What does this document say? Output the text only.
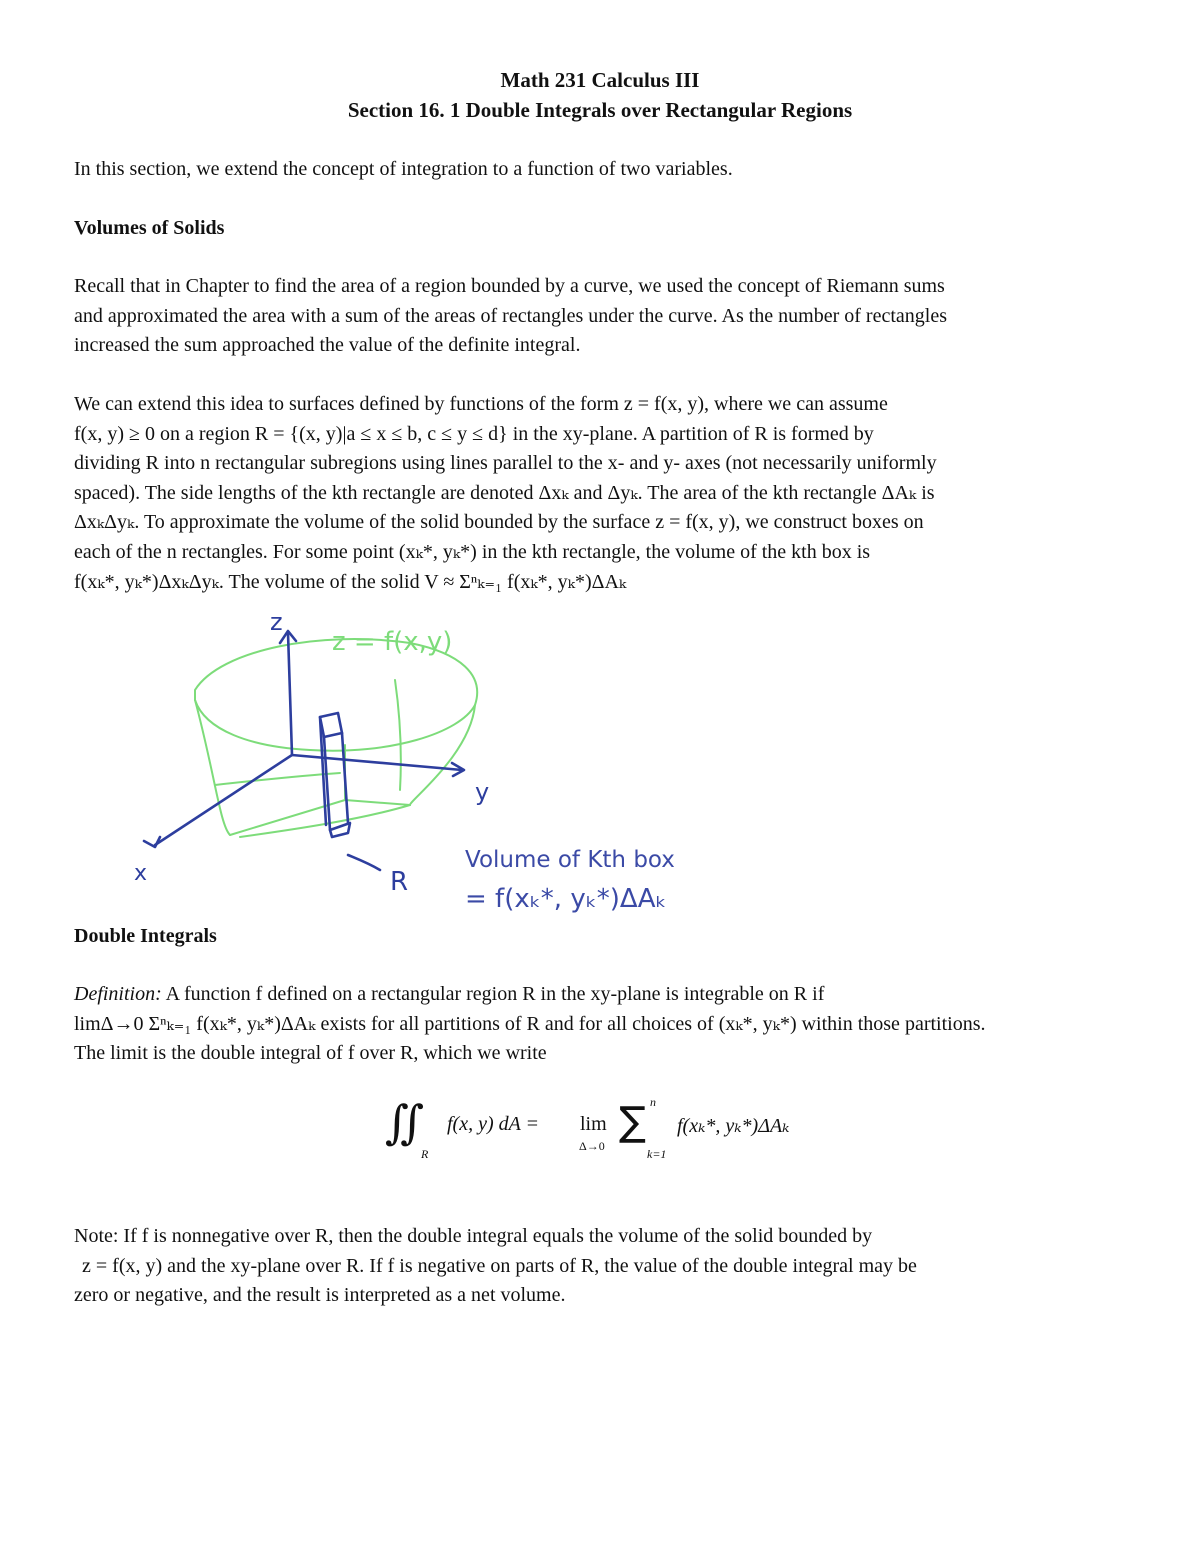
Math 231 Calculus III
Section 16. 1 Double Integrals over Rectangular Regions
In this section, we extend the concept of integration to a function of two variables.
Volumes of Solids
Recall that in Chapter to find the area of a region bounded by a curve, we used the concept of Riemann sums
and approximated the area with a sum of the areas of rectangles under the curve. As the number of rectangles
increased the sum approached the value of the definite integral.
We can extend this idea to surfaces defined by functions of the form z = f(x, y), where we can assume
f(x, y) ≥ 0 on a region R = {(x, y)|a ≤ x ≤ b, c ≤ y ≤ d} in the xy-plane. A partition of R is formed by
dividing R into n rectangular subregions using lines parallel to the x- and y- axes (not necessarily uniformly
spaced). The side lengths of the kth rectangle are denoted Δxₖ and Δyₖ. The area of the kth rectangle ΔAₖ is
ΔxₖΔyₖ. To approximate the volume of the solid bounded by the surface z = f(x, y), we construct boxes on
each of the n rectangles. For some point (xₖ*, yₖ*) in the kth rectangle, the volume of the kth box is
f(xₖ*, yₖ*)ΔxₖΔyₖ. The volume of the solid V ≈ Σⁿₖ₌₁ f(xₖ*, yₖ*)ΔAₖ
z
y
x
z = f(x,y)
R
Volume of Kth box
= f(xₖ*, yₖ*)ΔAₖ
Double Integrals
Definition: A function f defined on a rectangular region R in the xy-plane is integrable on R if
limΔ→0 Σⁿₖ₌₁ f(xₖ*, yₖ*)ΔAₖ exists for all partitions of R and for all choices of (xₖ*, yₖ*) within those partitions.
The limit is the double integral of f over R, which we write
∬
R
f(x, y) dA = lim
Δ→0
∑ n
k=1
f(xₖ*, yₖ*)ΔAₖ
Note: If f is nonnegative over R, then the double integral equals the volume of the solid bounded by
z = f(x, y) and the xy-plane over R. If f is negative on parts of R, the value of the double integral may be
zero or negative, and the result is interpreted as a net volume.
